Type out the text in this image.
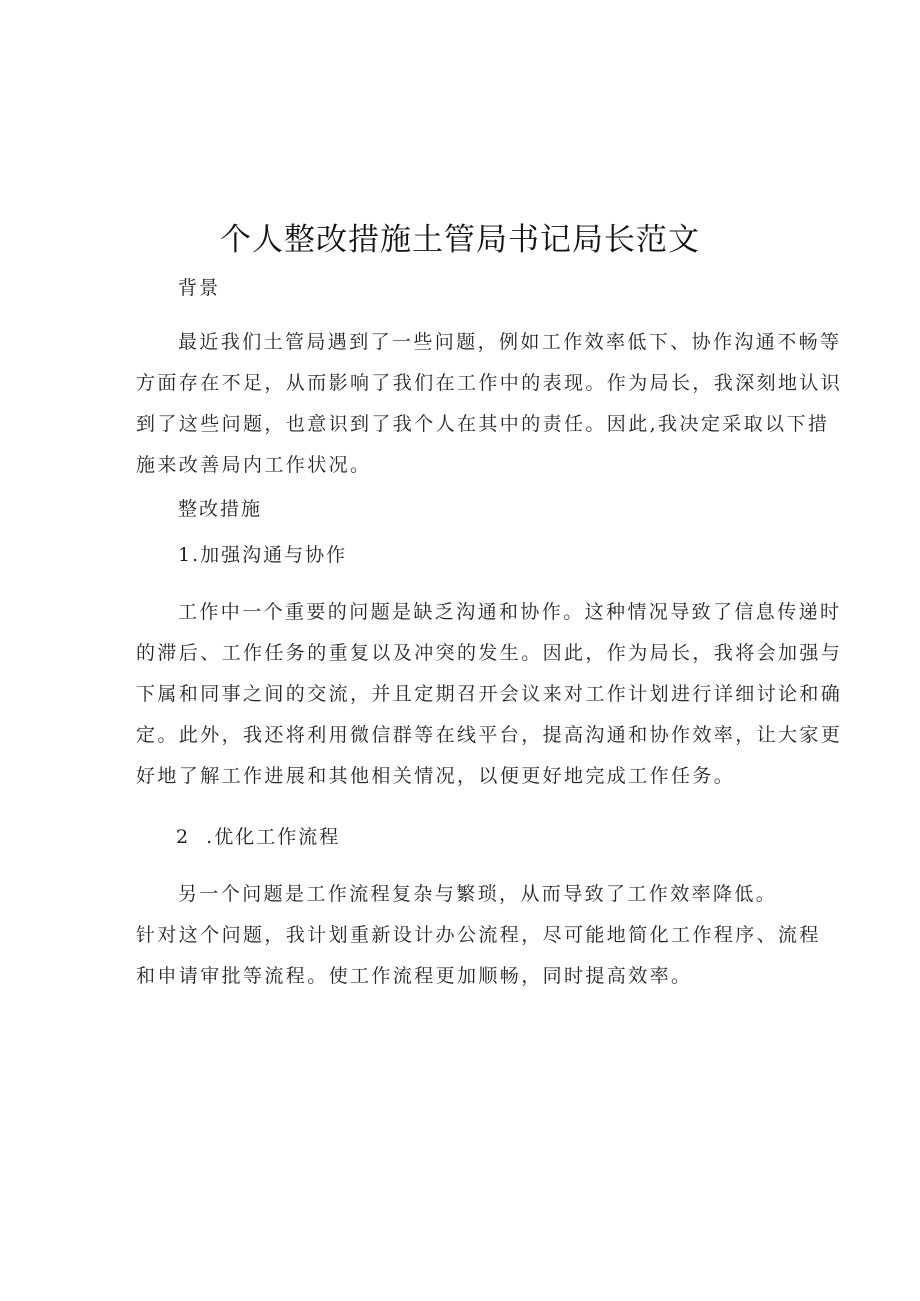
个人整改措施土管局书记局长范文
背景
最近我们土管局遇到了一些问题，例如工作效率低下、协作沟通不畅等
方面存在不足，从而影响了我们在工作中的表现。作为局长，我深刻地认识
到了这些问题，也意识到了我个人在其中的责任。因此,我决定采取以下措
施来改善局内工作状况。
整改措施
1.加强沟通与协作
工作中一个重要的问题是缺乏沟通和协作。这种情况导致了信息传递时
的滞后、工作任务的重复以及冲突的发生。因此，作为局长，我将会加强与
下属和同事之间的交流，并且定期召开会议来对工作计划进行详细讨论和确
定。此外，我还将利用微信群等在线平台，提高沟通和协作效率，让大家更
好地了解工作进展和其他相关情况，以便更好地完成工作任务。
2  .优化工作流程
另一个问题是工作流程复杂与繁琐，从而导致了工作效率降低。
针对这个问题，我计划重新设计办公流程，尽可能地简化工作程序、流程
和申请审批等流程。使工作流程更加顺畅，同时提高效率。
